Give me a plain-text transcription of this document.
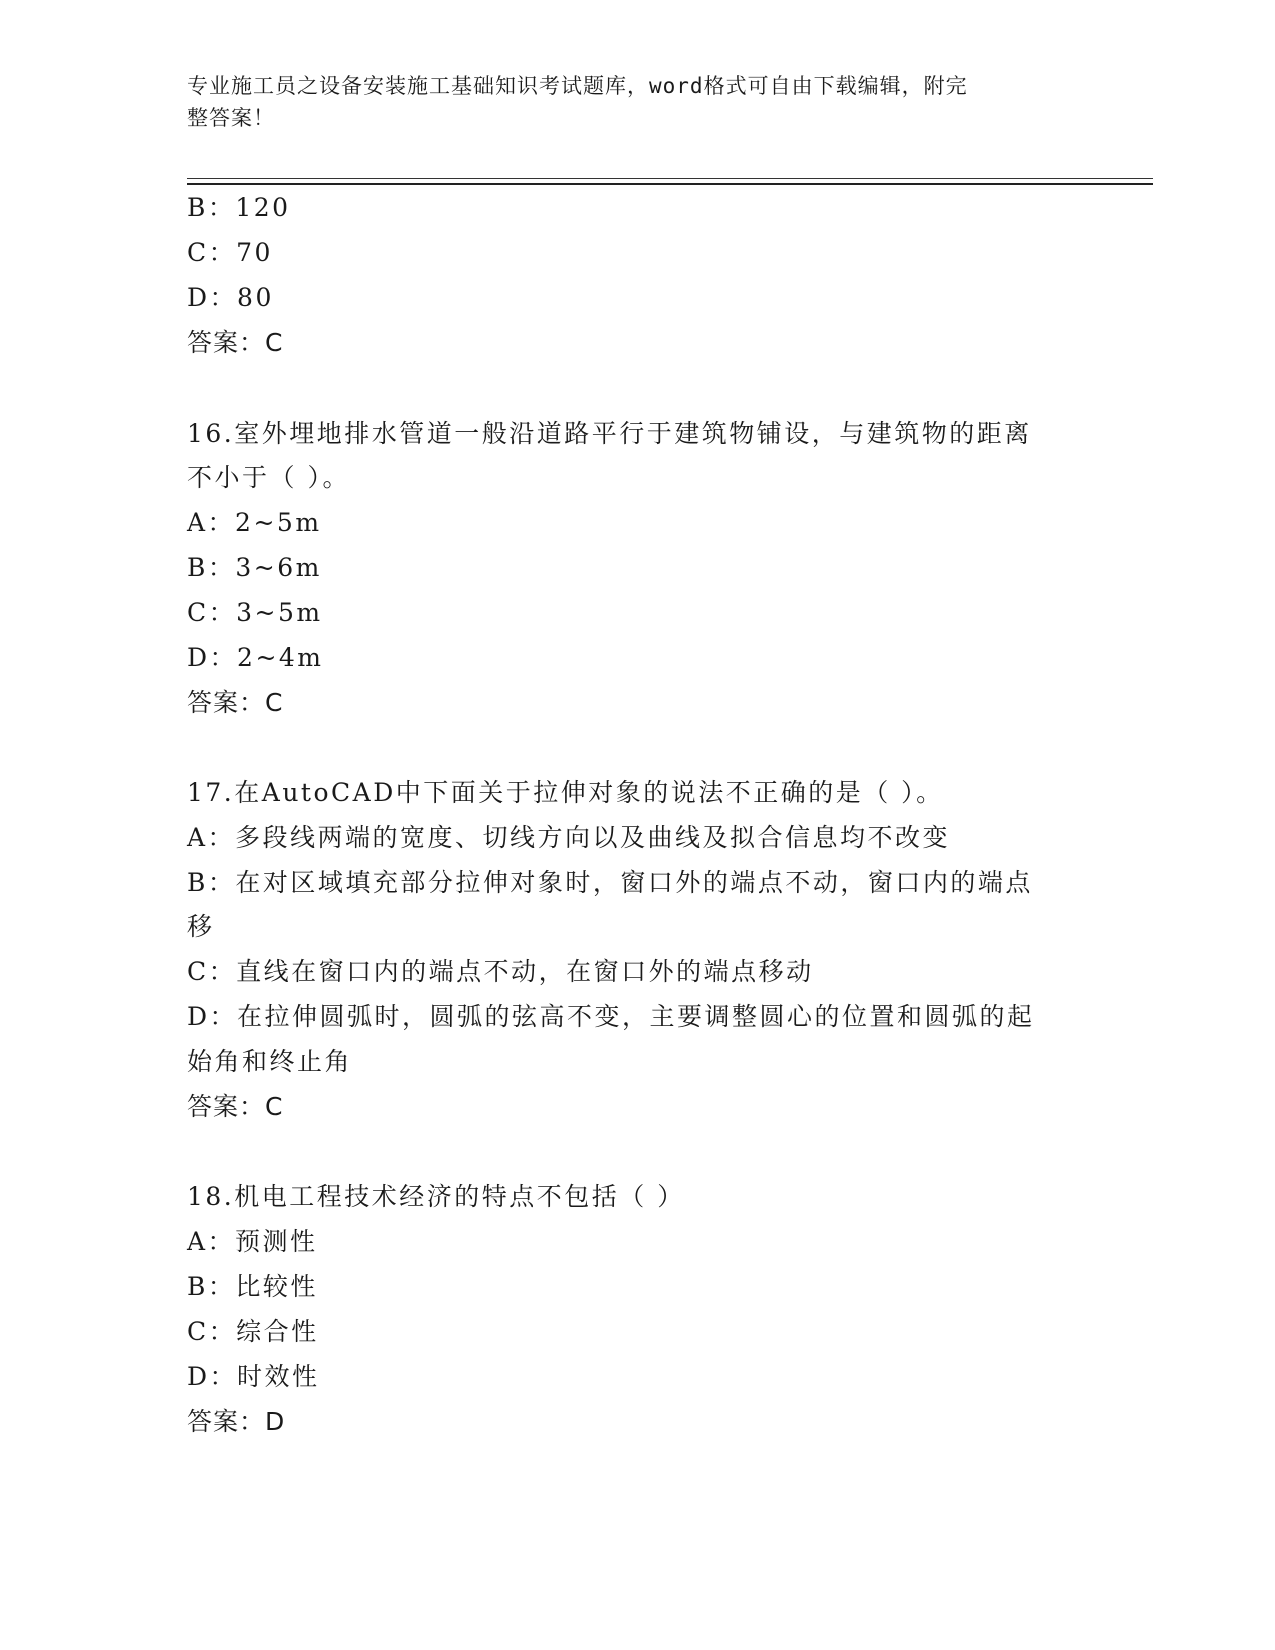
专业施工员之设备安装施工基础知识考试题库，word格式可自由下载编辑，附完
整答案！
B：120
C：70
D：80
答案：C
16.室外埋地排水管道一般沿道路平行于建筑物铺设，与建筑物的距离
不小于（ ）。
A：2~5m
B：3~6m
C：3~5m
D：2~4m
答案：C
17.在AutoCAD中下面关于拉伸对象的说法不正确的是（ ）。
A：多段线两端的宽度、切线方向以及曲线及拟合信息均不改变
B：在对区域填充部分拉伸对象时，窗口外的端点不动，窗口内的端点
移
C：直线在窗口内的端点不动，在窗口外的端点移动
D：在拉伸圆弧时，圆弧的弦高不变，主要调整圆心的位置和圆弧的起
始角和终止角
答案：C
18.机电工程技术经济的特点不包括（ ）
A：预测性
B：比较性
C：综合性
D：时效性
答案：D
